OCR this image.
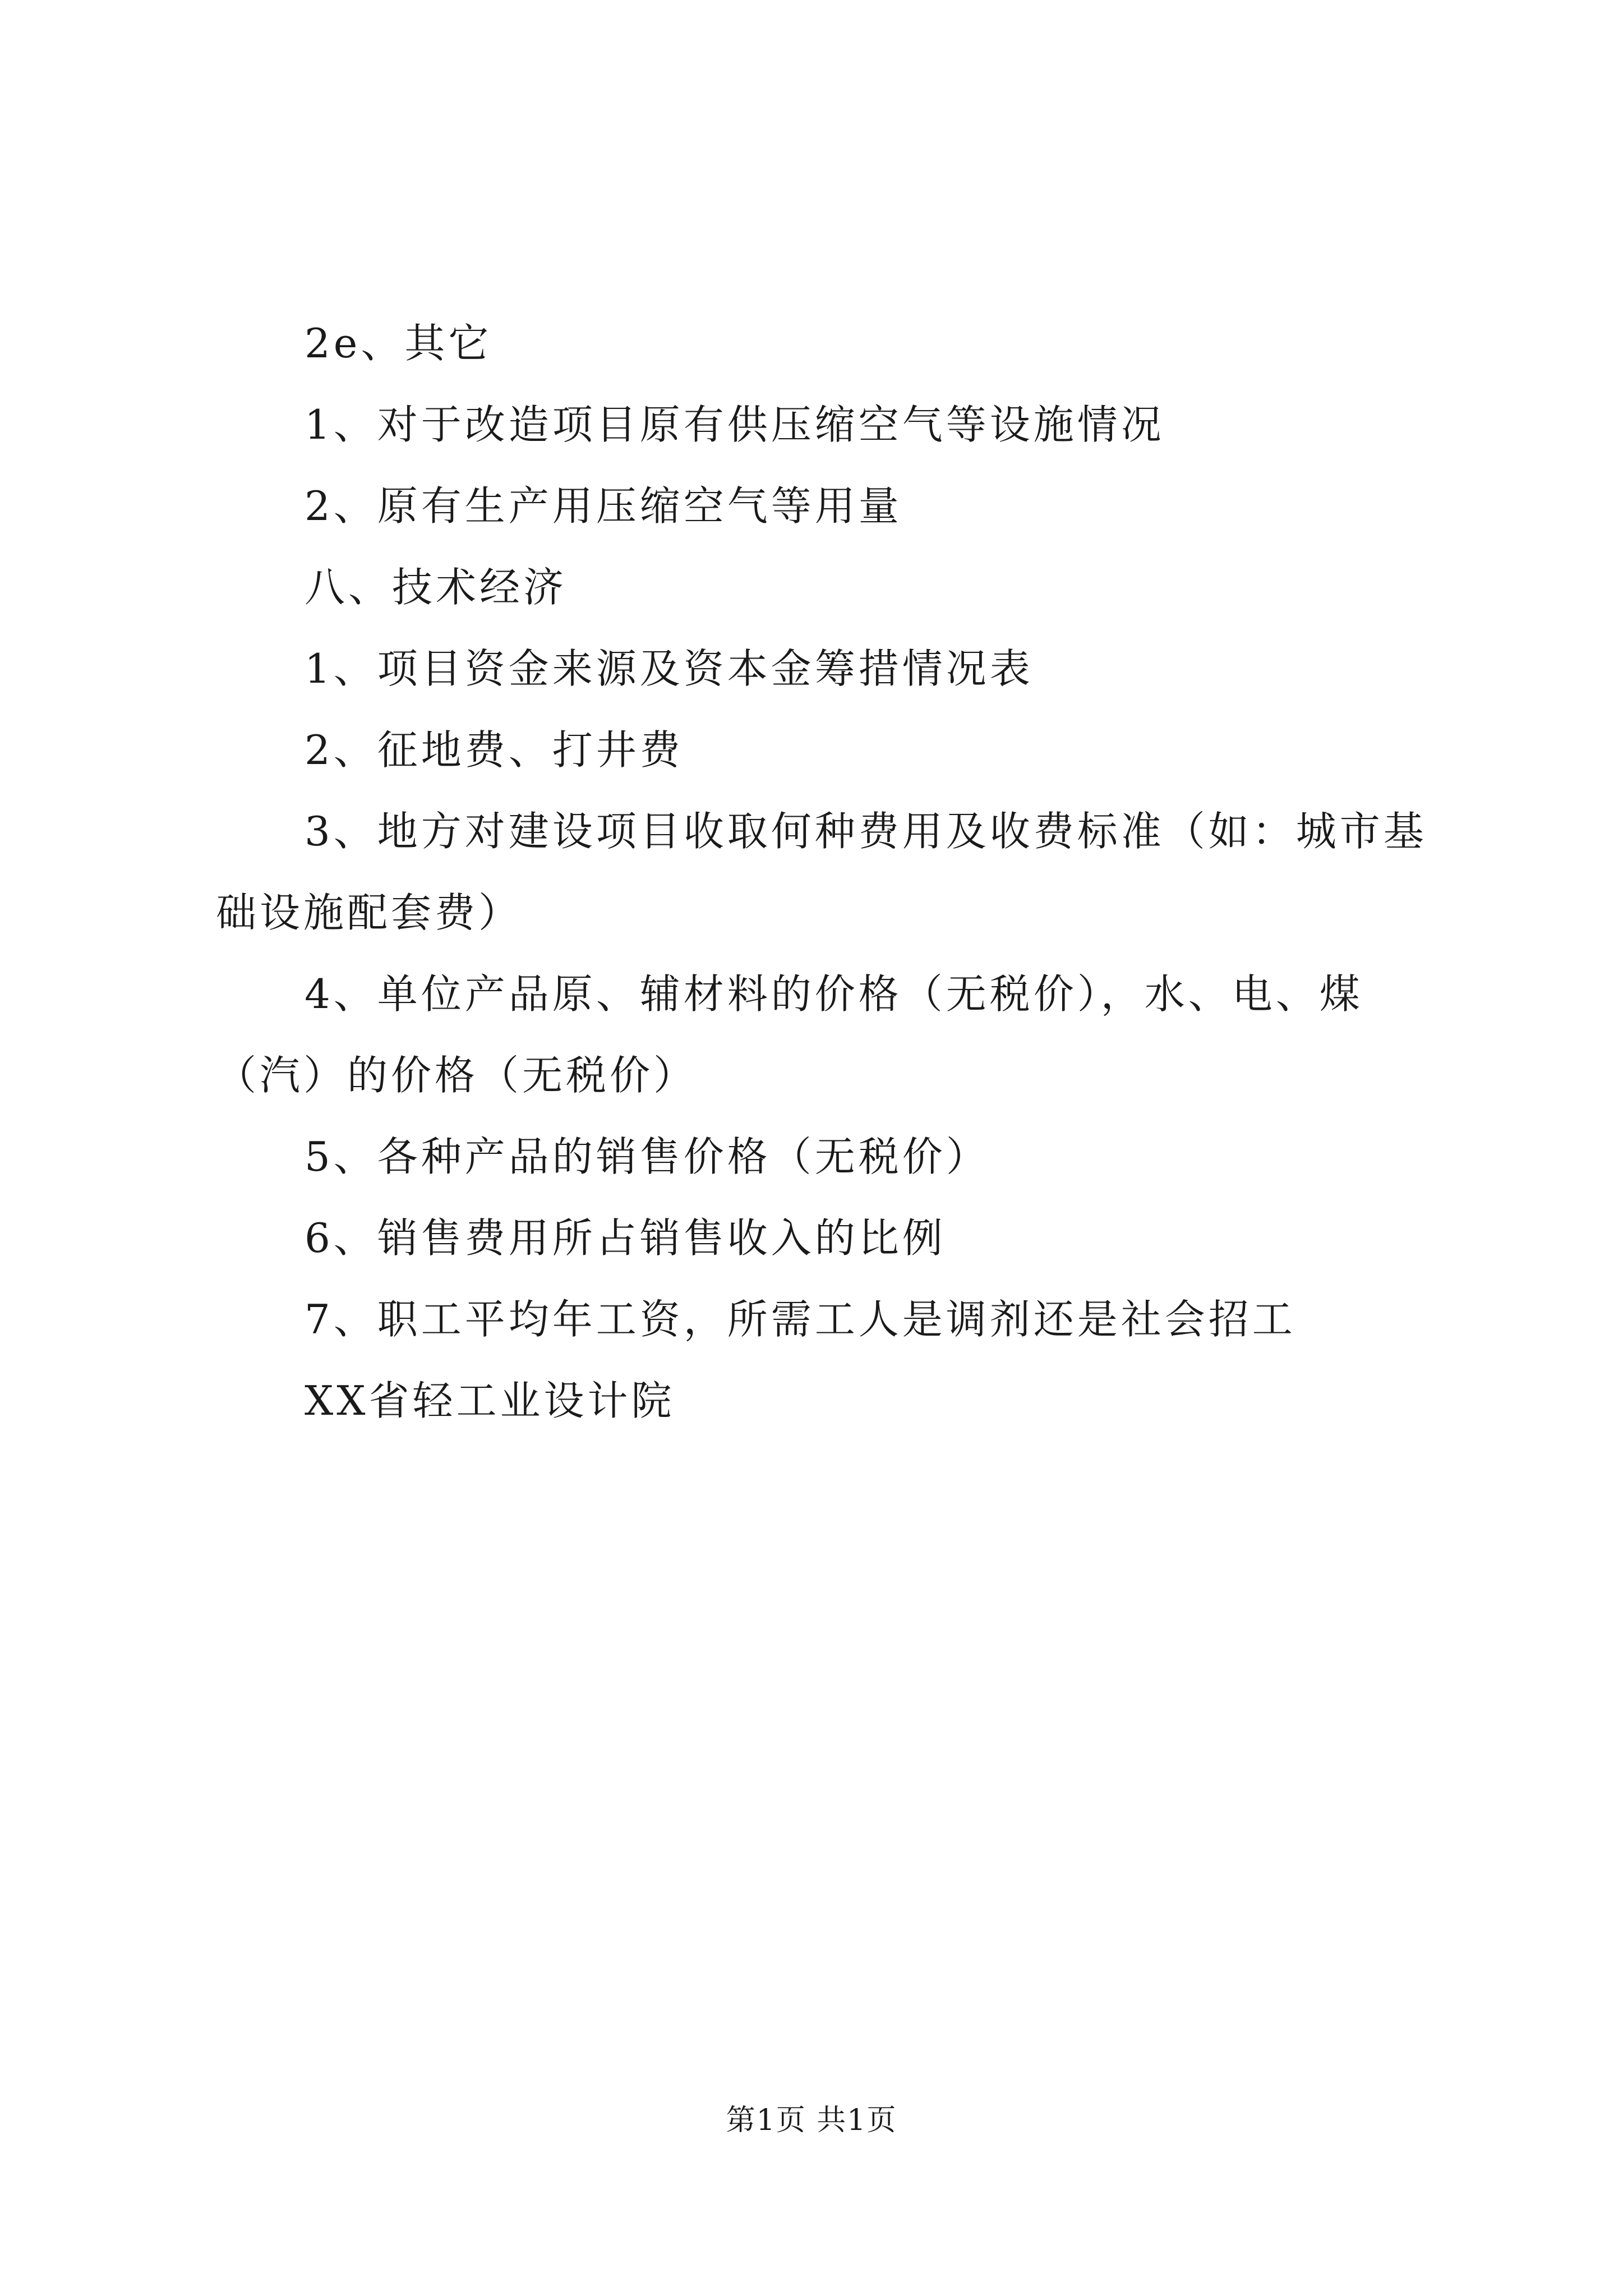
2e、其它

1、对于改造项目原有供压缩空气等设施情况

2、原有生产用压缩空气等用量

八、技术经济

1、项目资金来源及资本金筹措情况表

2、征地费、打井费

3、地方对建设项目收取何种费用及收费标准（如：城市基础设施配套费）

4、单位产品原、辅材料的价格（无税价），水、电、煤（汽）的价格（无税价）

5、各种产品的销售价格（无税价）

6、销售费用所占销售收入的比例

7、职工平均年工资，所需工人是调剂还是社会招工

XX省轻工业设计院

第1页 共1页
